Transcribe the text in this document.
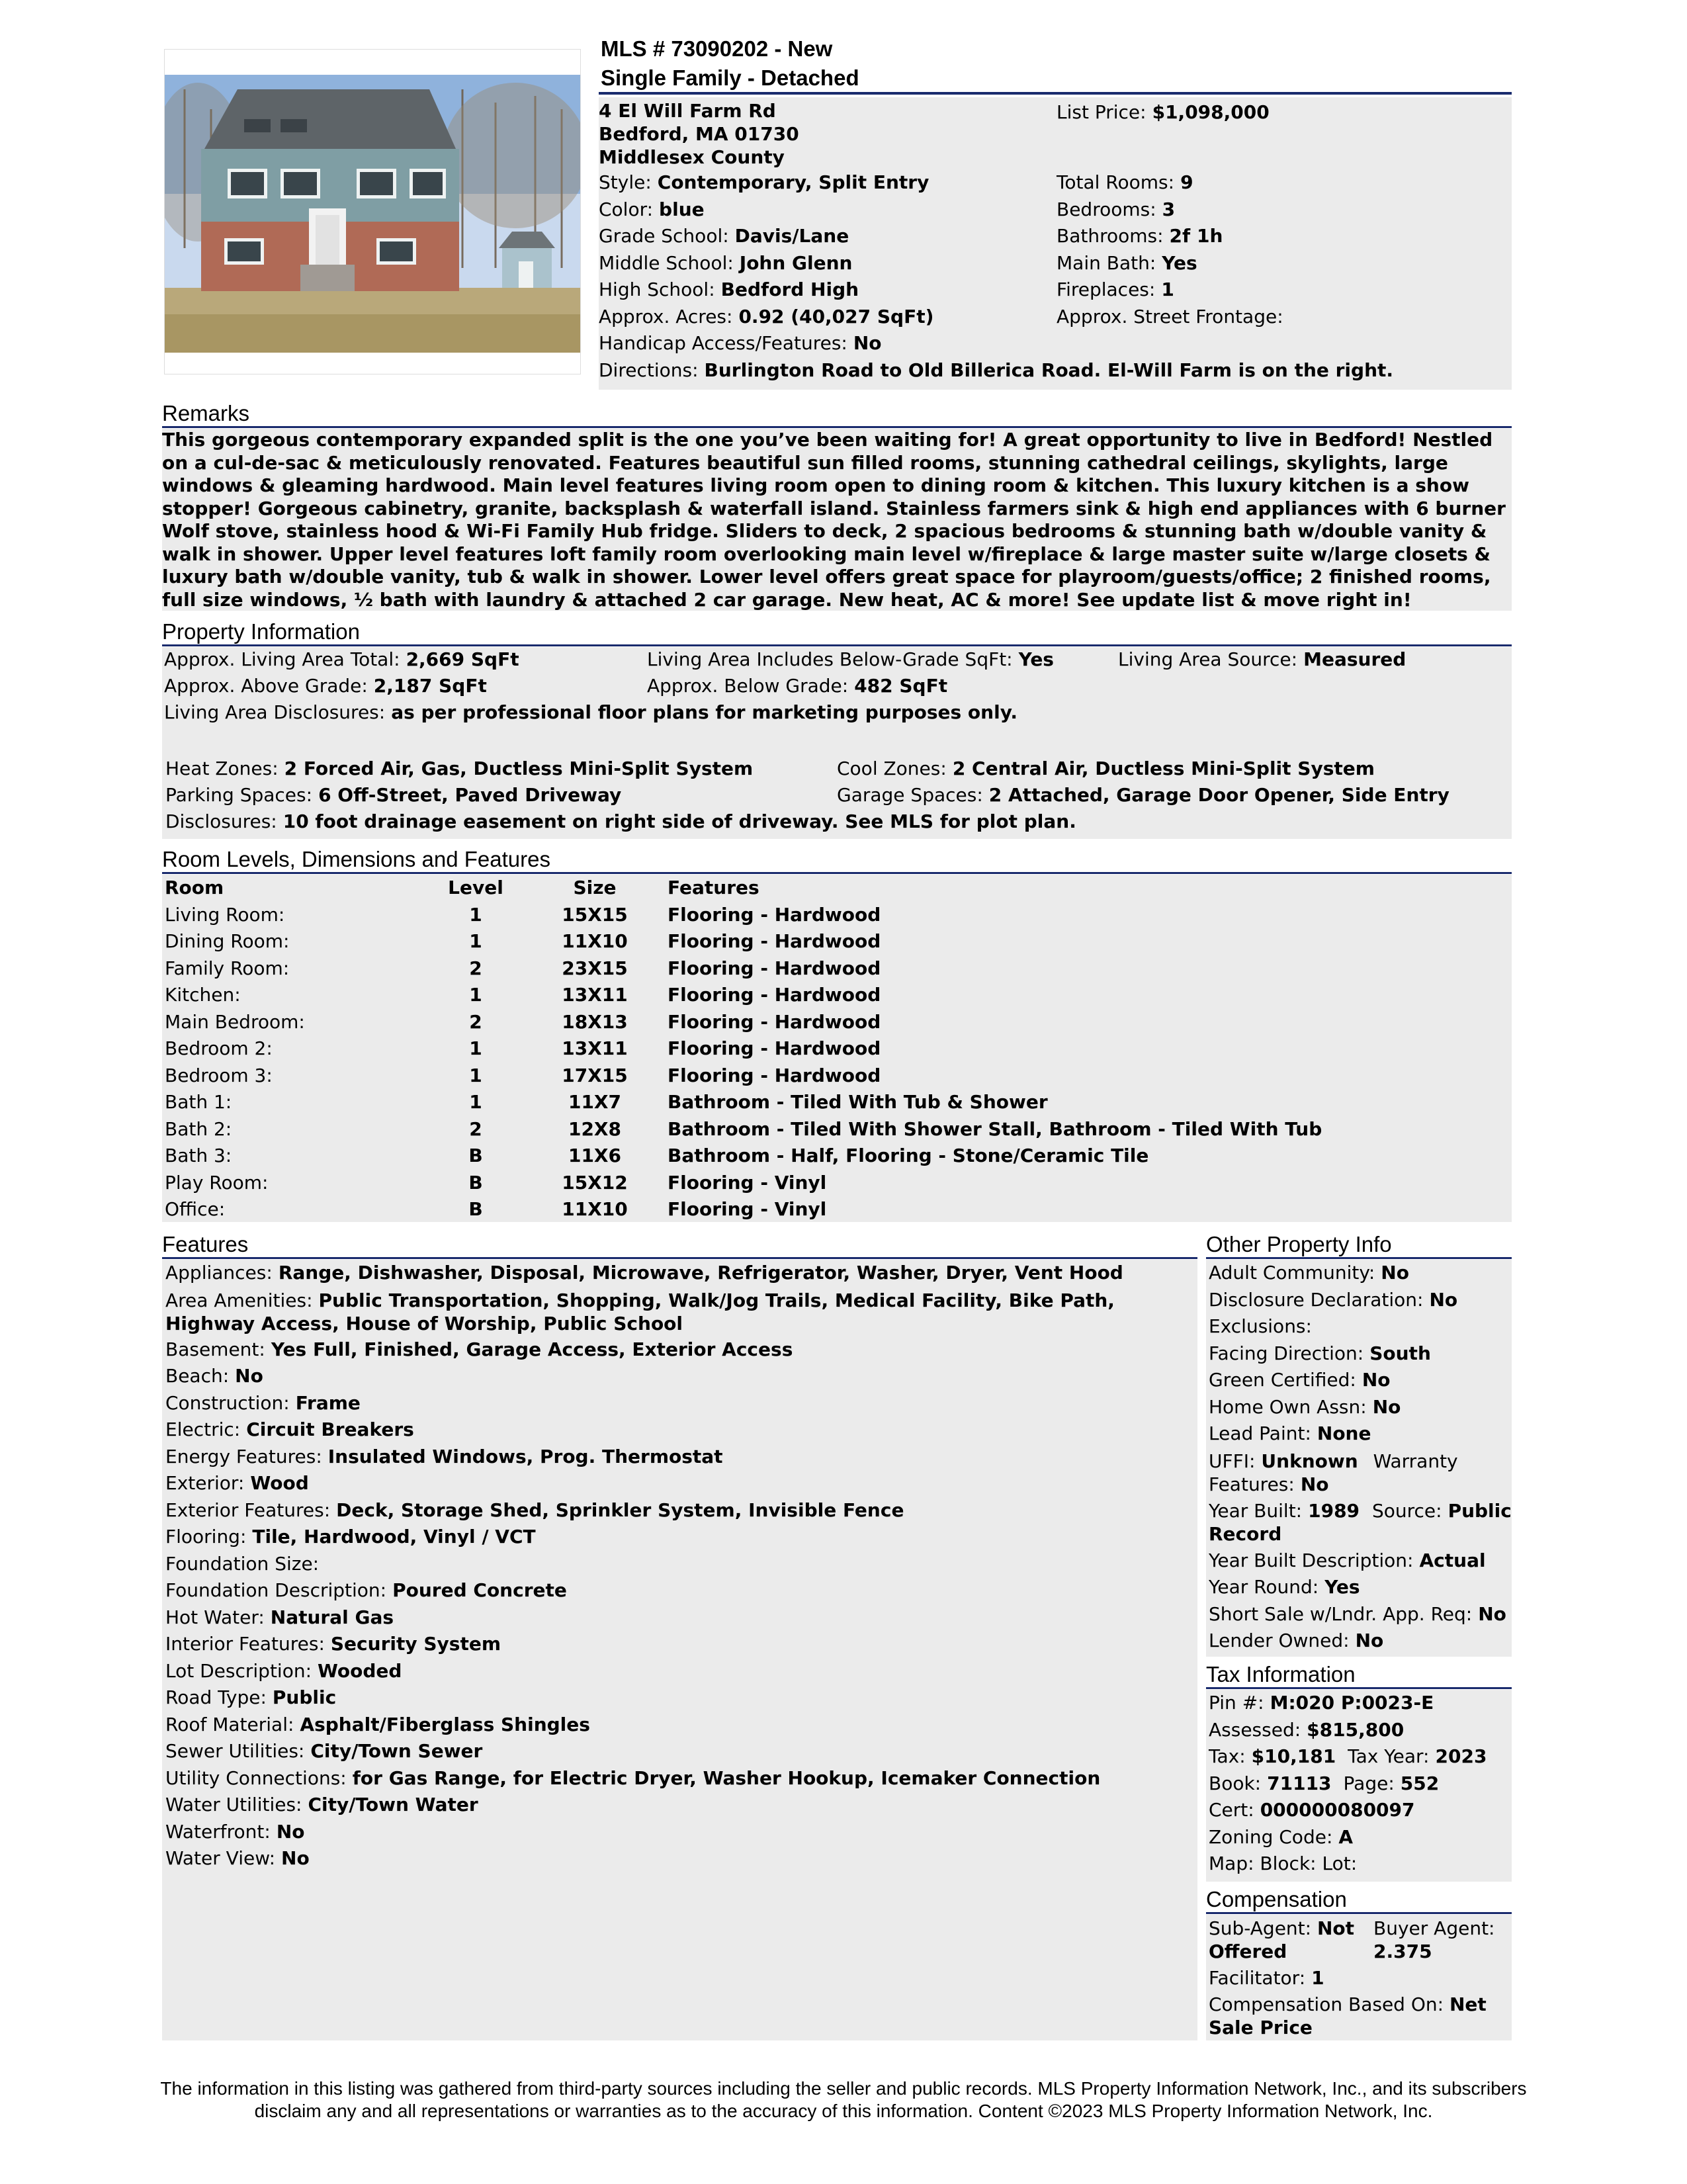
MLS # 73090202 - New
Single Family - Detached
4 El Will Farm Rd
Bedford, MA 01730
Middlesex County
List Price: $1,098,000
Style: Contemporary, Split Entry
Color: blue
Grade School: Davis/Lane
Middle School: John Glenn
High School: Bedford High
Approx. Acres: 0.92 (40,027 SqFt)
Handicap Access/Features: No
Directions: Burlington Road to Old Billerica Road. El-Will Farm is on the right.
Total Rooms: 9
Bedrooms: 3
Bathrooms: 2f 1h
Main Bath: Yes
Fireplaces: 1
Approx. Street Frontage:
Remarks
This gorgeous contemporary expanded split is the one you’ve been waiting for! A great opportunity to live in Bedford! Nestled on a cul-de-sac & meticulously renovated. Features beautiful sun filled rooms, stunning cathedral ceilings, skylights, large windows & gleaming hardwood. Main level features living room open to dining room & kitchen. This luxury kitchen is a show stopper! Gorgeous cabinetry, granite, backsplash & waterfall island. Stainless farmers sink & high end appliances with 6 burner Wolf stove, stainless hood & Wi-Fi Family Hub fridge. Sliders to deck, 2 spacious bedrooms & stunning bath w/double vanity & walk in shower. Upper level features loft family room overlooking main level w/fireplace & large master suite w/large closets & luxury bath w/double vanity, tub & walk in shower. Lower level offers great space for playroom/guests/office; 2 finished rooms, full size windows, ½ bath with laundry & attached 2 car garage. New heat, AC & more! See update list & move right in!
Property Information
Approx. Living Area Total: 2,669 SqFt	Living Area Includes Below-Grade SqFt: Yes	Living Area Source: Measured
Approx. Above Grade: 2,187 SqFt	Approx. Below Grade: 482 SqFt
Living Area Disclosures: as per professional floor plans for marketing purposes only.
Heat Zones: 2 Forced Air, Gas, Ductless Mini-Split System	Cool Zones: 2 Central Air, Ductless Mini-Split System
Parking Spaces: 6 Off-Street, Paved Driveway	Garage Spaces: 2 Attached, Garage Door Opener, Side Entry
Disclosures: 10 foot drainage easement on right side of driveway. See MLS for plot plan.
Room Levels, Dimensions and Features
Room	Level	Size	Features
Living Room:	1	15X15	Flooring - Hardwood
Dining Room:	1	11X10	Flooring - Hardwood
Family Room:	2	23X15	Flooring - Hardwood
Kitchen:	1	13X11	Flooring - Hardwood
Main Bedroom:	2	18X13	Flooring - Hardwood
Bedroom 2:	1	13X11	Flooring - Hardwood
Bedroom 3:	1	17X15	Flooring - Hardwood
Bath 1:	1	11X7	Bathroom - Tiled With Tub & Shower
Bath 2:	2	12X8	Bathroom - Tiled With Shower Stall, Bathroom - Tiled With Tub
Bath 3:	B	11X6	Bathroom - Half, Flooring - Stone/Ceramic Tile
Play Room:	B	15X12	Flooring - Vinyl
Office:	B	11X10	Flooring - Vinyl
Features
Appliances: Range, Dishwasher, Disposal, Microwave, Refrigerator, Washer, Dryer, Vent Hood
Area Amenities: Public Transportation, Shopping, Walk/Jog Trails, Medical Facility, Bike Path, Highway Access, House of Worship, Public School
Basement: Yes Full, Finished, Garage Access, Exterior Access
Beach: No
Construction: Frame
Electric: Circuit Breakers
Energy Features: Insulated Windows, Prog. Thermostat
Exterior: Wood
Exterior Features: Deck, Storage Shed, Sprinkler System, Invisible Fence
Flooring: Tile, Hardwood, Vinyl / VCT
Foundation Size:
Foundation Description: Poured Concrete
Hot Water: Natural Gas
Interior Features: Security System
Lot Description: Wooded
Road Type: Public
Roof Material: Asphalt/Fiberglass Shingles
Sewer Utilities: City/Town Sewer
Utility Connections: for Gas Range, for Electric Dryer, Washer Hookup, Icemaker Connection
Water Utilities: City/Town Water
Waterfront: No
Water View: No
Other Property Info
Adult Community: No
Disclosure Declaration: No
Exclusions:
Facing Direction: South
Green Certified: No
Home Own Assn: No
Lead Paint: None
UFFI: Unknown Warranty Features: No
Year Built: 1989 Source: Public Record
Year Built Description: Actual
Year Round: Yes
Short Sale w/Lndr. App. Req: No
Lender Owned: No
Tax Information
Pin #: M:020 P:0023-E
Assessed: $815,800
Tax: $10,181 Tax Year: 2023
Book: 71113 Page: 552
Cert: 000000080097
Zoning Code: A
Map: Block: Lot:
Compensation
Sub-Agent: Not Offered
Buyer Agent: 2.375
Facilitator: 1
Compensation Based On: Net Sale Price
The information in this listing was gathered from third-party sources including the seller and public records. MLS Property Information Network, Inc., and its subscribers
disclaim any and all representations or warranties as to the accuracy of this information. Content ©2023 MLS Property Information Network, Inc.
